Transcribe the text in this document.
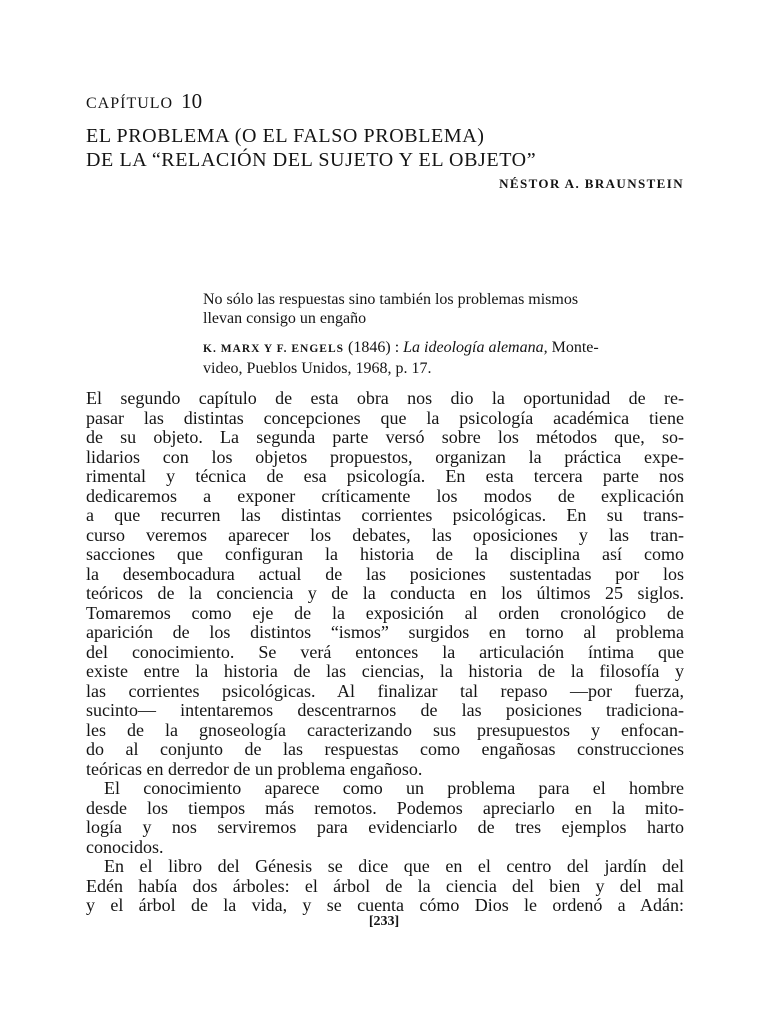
CAPÍTULO 10
EL PROBLEMA (O EL FALSO PROBLEMA)
DE LA “RELACIÓN DEL SUJETO Y EL OBJETO”
NÉSTOR A. BRAUNSTEIN
No sólo las respuestas sino también los problemas mismos
llevan consigo un engaño
K. MARX Y F. ENGELS (1846) : La ideología alemana, Monte-
video, Pueblos Unidos, 1968, p. 17.
El segundo capítulo de esta obra nos dio la oportunidad de re-
pasar las distintas concepciones que la psicología académica tiene
de su objeto. La segunda parte versó sobre los métodos que, so-
lidarios con los objetos propuestos, organizan la práctica expe-
rimental y técnica de esa psicología. En esta tercera parte nos
dedicaremos a exponer críticamente los modos de explicación
a que recurren las distintas corrientes psicológicas. En su trans-
curso veremos aparecer los debates, las oposiciones y las tran-
sacciones que configuran la historia de la disciplina así como
la desembocadura actual de las posiciones sustentadas por los
teóricos de la conciencia y de la conducta en los últimos 25 siglos.
Tomaremos como eje de la exposición al orden cronológico de
aparición de los distintos “ismos” surgidos en torno al problema
del conocimiento. Se verá entonces la articulación íntima que
existe entre la historia de las ciencias, la historia de la filosofía y
las corrientes psicológicas. Al finalizar tal repaso —por fuerza,
sucinto— intentaremos descentrarnos de las posiciones tradiciona-
les de la gnoseología caracterizando sus presupuestos y enfocan-
do al conjunto de las respuestas como engañosas construcciones
teóricas en derredor de un problema engañoso.
El conocimiento aparece como un problema para el hombre
desde los tiempos más remotos. Podemos apreciarlo en la mito-
logía y nos serviremos para evidenciarlo de tres ejemplos harto
conocidos.
En el libro del Génesis se dice que en el centro del jardín del
Edén había dos árboles: el árbol de la ciencia del bien y del mal
y el árbol de la vida, y se cuenta cómo Dios le ordenó a Adán:
[233]
